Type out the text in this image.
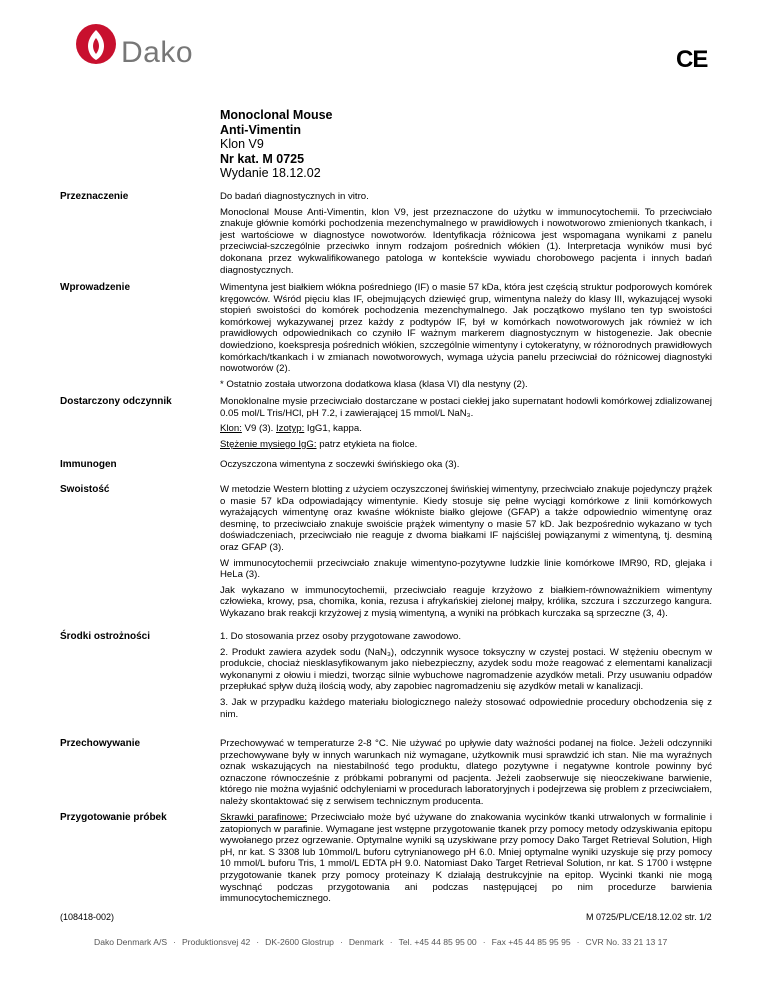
Dako	CE
Monoclonal Mouse
Anti-Vimentin
Klon V9
Nr kat. M 0725
Wydanie 18.12.02
Przeznaczenie	Do badań diagnostycznych in vitro.

Monoclonal Mouse Anti-Vimentin, klon V9, jest przeznaczone do użytku w immunocytochemii. To przeciwciało znakuje głównie komórki pochodzenia mezenchymalnego w prawidłowych i nowotworowo zmienionych tkankach, i jest wartościowe w diagnostyce nowotworów. Identyfikacja różnicowa jest wspomagana wynikami z panelu przeciwciał-szczególnie przeciwko innym rodzajom pośrednich włókien (1). Interpretacja wyników musi być dokonana przez wykwalifikowanego patologa w kontekście wywiadu chorobowego pacjenta i innych badań diagnostycznych.

Wprowadzenie	Wimentyna jest białkiem włókna pośredniego (IF) o masie 57 kDa, która jest częścią struktur podporowych komórek kręgowców. Wśród pięciu klas IF, obejmujących dziewięć grup, wimentyna należy do klasy III, wykazującej wysoki stopień swoistości do komórek pochodzenia mezenchymalnego. Jak początkowo myślano ten typ swoistości komórkowej wykazywanej przez każdy z podtypów IF, był w komórkach nowotworowych jak również w ich prawidłowych odpowiednikach co czyniło IF ważnym markerem diagnostycznym w histogenezie. Jak obecnie dowiedziono, koekspresja pośrednich włókien, szczególnie wimentyny i cytokeratyny, w różnorodnych prawidłowych komórkach/tkankach i w zmianach nowotworowych, wymaga użycia panelu przeciwciał do różnicowej diagnostyki nowotworów (2).

* Ostatnio została utworzona dodatkowa klasa (klasa VI) dla nestyny (2).

Dostarczony odczynnik	Monoklonalne mysie przeciwciało dostarczane w postaci ciekłej jako supernatant hodowli komórkowej zdializowanej 0.05 mol/L Tris/HCl, pH 7.2, i zawierającej 15 mmol/L NaN₃.

Klon: V9 (3). Izotyp: IgG1, kappa.

Stężenie mysiego IgG: patrz etykieta na fiolce.

Immunogen	Oczyszczona wimentyna z soczewki świńskiego oka (3).

Swoistość	W metodzie Western blotting z użyciem oczyszczonej świńskiej wimentyny, przeciwciało znakuje pojedynczy prążek o masie 57 kDa odpowiadający wimentynie. Kiedy stosuje się pełne wyciągi komórkowe z linii komórkowych wyrażających wimentynę oraz kwaśne włókniste białko glejowe (GFAP) a także odpowiednio wimentynę oraz desminę, to przeciwciało znakuje swoiście prążek wimentyny o masie 57 kD. Jak bezpośrednio wykazano w tych doświadczeniach, przeciwciało nie reaguje z dwoma białkami IF najściślej powiązanymi z wimentyną, tj. desminą oraz GFAP (3).

W immunocytochemii przeciwciało znakuje wimentyno-pozytywne ludzkie linie komórkowe IMR90, RD, glejaka i HeLa (3).

Jak wykazano w immunocytochemii, przeciwciało reaguje krzyżowo z białkiem-równoważnikiem wimentyny człowieka, krowy, psa, chomika, konia, rezusa i afrykańskiej zielonej małpy, królika, szczura i szczurzego kangura. Wykazano brak reakcji krzyżowej z mysią wimentyną, a wyniki na próbkach kurczaka są sprzeczne (3, 4).

Środki ostrożności	1. Do stosowania przez osoby przygotowane zawodowo.

2. Produkt zawiera azydek sodu (NaN₃), odczynnik wysoce toksyczny w czystej postaci. W stężeniu obecnym w produkcie, chociaż niesklasyfikowanym jako niebezpieczny, azydek sodu może reagować z elementami kanalizacji wykonanymi z ołowiu i miedzi, tworząc silnie wybuchowe nagromadzenie azydków metali. Przy usuwaniu odpadów przepłukać spływ dużą ilością wody, aby zapobiec nagromadzeniu się azydków metali w kanalizacji.

3. Jak w przypadku każdego materiału biologicznego należy stosować odpowiednie procedury obchodzenia się z nim.

Przechowywanie	Przechowywać w temperaturze 2-8 °C. Nie używać po upływie daty ważności podanej na fiolce. Jeżeli odczynniki przechowywane były w innych warunkach niż wymagane, użytkownik musi sprawdzić ich stan. Nie ma wyraźnych oznak wskazujących na niestabilność tego produktu, dlatego pozytywne i negatywne kontrole powinny być oznaczone równocześnie z próbkami pobranymi od pacjenta. Jeżeli zaobserwuje się nieoczekiwane barwienie, którego nie można wyjaśnić odchyleniami w procedurach laboratoryjnych i podejrzewa się problem z przeciwciałem, należy skontaktować się z serwisem technicznym producenta.

Przygotowanie próbek	Skrawki parafinowe: Przeciwciało może być używane do znakowania wycinków tkanki utrwalonych w formalinie i zatopionych w parafinie. Wymagane jest wstępne przygotowanie tkanek przy pomocy metody odzyskiwania epitopu wywołanego przez ogrzewanie. Optymalne wyniki są uzyskiwane przy pomocy Dako Target Retrieval Solution, High pH, nr kat. S 3308 lub 10mmol/L buforu cytrynianowego pH 6.0. Mniej optymalne wyniki uzyskuje się przy pomocy 10 mmol/L buforu Tris, 1 mmol/L EDTA pH 9.0. Natomiast Dako Target Retrieval Solution, nr kat. S 1700 i wstępne przygotowanie tkanek przy pomocy proteinazy K działają destrukcyjnie na epitop. Wycinki tkanki nie mogą wyschnąć podczas przygotowania ani podczas następującej po nim procedurze barwienia immunocytochemicznego.

(108418-002)	M 0725/PL/CE/18.12.02 str. 1/2
Dako Denmark A/S · Produktionsvej 42 · DK-2600 Glostrup · Denmark · Tel. +45 44 85 95 00 · Fax +45 44 85 95 95 · CVR No. 33 21 13 17
